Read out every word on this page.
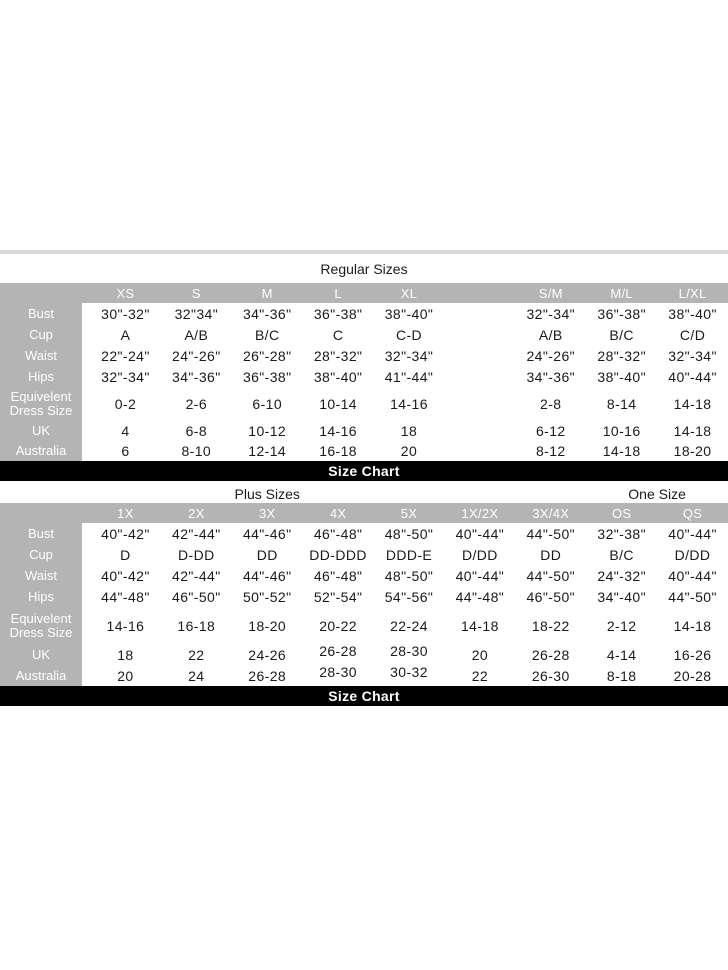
Regular Sizes
XS	S	M	L	XL	S/M	M/L	L/XL
Bust	30"-32"	32"34"	34"-36"	36"-38"	38"-40"	32"-34"	36"-38"	38"-40"
Cup	A	A/B	B/C	C	C-D	A/B	B/C	C/D
Waist	22"-24"	24"-26"	26"-28"	28"-32"	32"-34"	24"-26"	28"-32"	32"-34"
Hips	32"-34"	34"-36"	36"-38"	38"-40"	41"-44"	34"-36"	38"-40"	40"-44"
Equivelent Dress Size	0-2	2-6	6-10	10-14	14-16	2-8	8-14	14-18
UK	4	6-8	10-12	14-16	18	6-12	10-16	14-18
Australia	6	8-10	12-14	16-18	20	8-12	14-18	18-20
Size Chart
Plus Sizes	One Size
1X	2X	3X	4X	5X	1X/2X	3X/4X	OS	QS
Bust	40"-42"	42"-44"	44"-46"	46"-48"	48"-50"	40"-44"	44"-50"	32"-38"	40"-44"
Cup	D	D-DD	DD	DD-DDD	DDD-E	D/DD	DD	B/C	D/DD
Waist	40"-42"	42"-44"	44"-46"	46"-48"	48"-50"	40"-44"	44"-50"	24"-32"	40"-44"
Hips	44"-48"	46"-50"	50"-52"	52"-54"	54"-56"	44"-48"	46"-50"	34"-40"	44"-50"
Equivelent Dress Size	14-16	16-18	18-20	20-22	22-24	14-18	18-22	2-12	14-18
UK	18	22	24-26	26-28	28-30	20	26-28	4-14	16-26
Australia	20	24	26-28	28-30	30-32	22	26-30	8-18	20-28
Size Chart
